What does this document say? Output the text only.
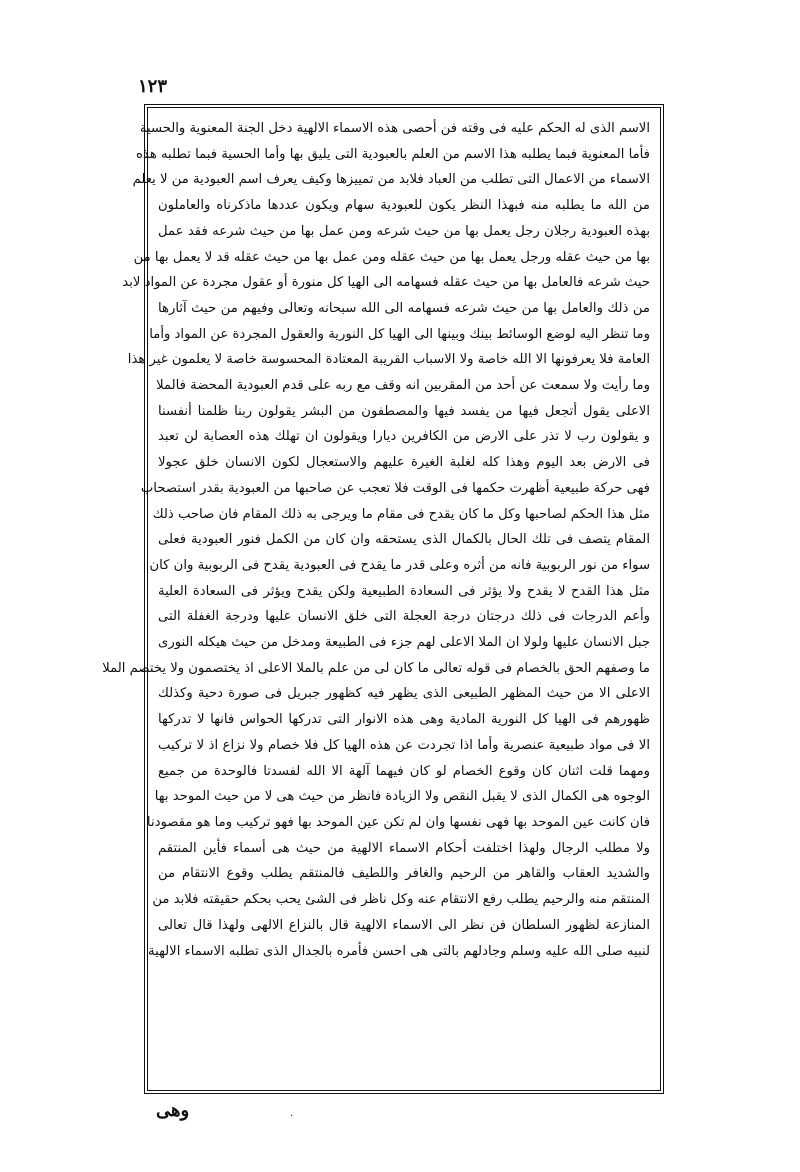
١٢٣
الاسم الذى له الحكم عليه فى وقته فن أحصى هذه الاسماء الالهية دخل الجنة المعنوية والحسية
فأما المعنوية فبما يطلبه هذا الاسم من العلم بالعبودية التى يليق بها وأما الحسية فبما تطلبه هذه
الاسماء من الاعمال التى تطلب من العباد فلابد من تمييزها وكيف يعرف اسم العبودية من لا يعلم
من الله ما يطلبه منه فبهذا النظر يكون للعبودية سهام ويكون عددها ماذكرناه والعاملون
بهذه العبودية رجلان رجل يعمل بها من حيث شرعه ومن عمل بها من حيث شرعه فقد عمل
بها من حيث عقله ورجل يعمل بها من حيث عقله ومن عمل بها من حيث عقله قد لا يعمل بها من
حيث شرعه فالعامل بها من حيث عقله فسهامه الى الهيا كل منورة أو عقول مجردة عن المواد لابد
من ذلك والعامل بها من حيث شرعه فسهامه الى الله سبحانه وتعالى وفيهم من حيث آثارها
وما تنظر اليه لوضع الوسائط بينك وبينها الى الهيا كل النورية والعقول المجردة عن المواد وأما
العامة فلا يعرفونها الا الله خاصة ولا الاسباب القريبة المعتادة المحسوسة خاصة لا يعلمون غير هذا
وما رأيت ولا سمعت عن أحد من المقربين انه وقف مع ربه على قدم العبودية المحضة فالملا
الاعلى يقول أتجعل فيها من يفسد فيها والمصطفون من البشر يقولون ربنا ظلمنا أنفسنا
و يقولون رب لا تذر على الارض من الكافرين ديارا ويقولون ان تهلك هذه العصابة لن تعبد
فى الارض بعد اليوم وهذا كله لغلبة الغيرة عليهم والاستعجال لكون الانسان خلق عجولا
فهى حركة طبيعية أظهرت حكمها فى الوقت فلا تعجب عن صاحبها من العبودية بقدر استصحاب
مثل هذا الحكم لصاحبها وكل ما كان يقدح فى مقام ما ويرجى به ذلك المقام فان صاحب ذلك
المقام يتصف فى تلك الحال بالكمال الذى يستحقه وان كان من الكمل فنور العبودية فعلى
سواء من نور الربوبية فانه من أثره وعلى قدر ما يقدح فى العبودية يقدح فى الربوبية وان كان
مثل هذا القدح لا يقدح ولا يؤثر فى السعادة الطبيعية ولكن يقدح ويؤثر فى السعادة العلية
وأعم الدرجات فى ذلك درجتان درجة العجلة التى خلق الانسان عليها ودرجة الغفلة التى
جبل الانسان عليها ولولا ان الملا الاعلى لهم جزء فى الطبيعة ومدخل من حيث هيكله النورى
ما وصفهم الحق بالخصام فى قوله تعالى ما كان لى من علم بالملا الاعلى اذ يختصمون ولا يختصم الملا
الاعلى الا من حيث المظهر الطبيعى الذى يظهر فيه كظهور جبريل فى صورة دحية وكذلك
ظهورهم فى الهيا كل النورية المادية وهى هذه الانوار التى تدركها الحواس فانها لا تدركها
الا فى مواد طبيعية عنصرية وأما اذا تجردت عن هذه الهيا كل فلا خصام ولا نزاع اذ لا تركيب
ومهما قلت اثنان كان وقوع الخصام لو كان فيهما آلهة الا الله لفسدتا فالوحدة من جميع
الوجوه هى الكمال الذى لا يقبل النقص ولا الزيادة فانظر من حيث هى لا من حيث الموحد بها
فان كانت عين الموحد بها فهى نفسها وان لم تكن عين الموحد بها فهو تركيب وما هو مقصودنا
ولا مطلب الرجال ولهذا اختلفت أحكام الاسماء الالهية من حيث هى أسماء فأين المنتقم
والشديد العقاب والقاهر من الرحيم والغافر واللطيف فالمنتقم يطلب وقوع الانتقام من
المنتقم منه والرحيم يطلب رفع الانتقام عنه وكل ناظر فى الشئ يحب بحكم حقيقته فلابد من
المنازعة لظهور السلطان فن نظر الى الاسماء الالهية قال بالنزاع الالهى ولهذا قال تعالى
لنبيه صلى الله عليه وسلم وجادلهم بالتى هى احسن فأمره بالجدال الذى تطلبه الاسماء الالهية
وهى	.
